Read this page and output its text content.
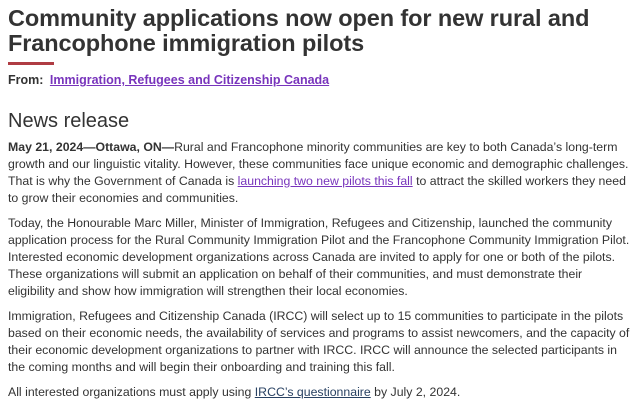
Community applications now open for new rural and Francophone immigration pilots
From: Immigration, Refugees and Citizenship Canada
News release

May 21, 2024—Ottawa, ON—Rural and Francophone minority communities are key to both Canada’s long-term growth and our linguistic vitality. However, these communities face unique economic and demographic challenges. That is why the Government of Canada is launching two new pilots this fall to attract the skilled workers they need to grow their economies and communities.

Today, the Honourable Marc Miller, Minister of Immigration, Refugees and Citizenship, launched the community application process for the Rural Community Immigration Pilot and the Francophone Community Immigration Pilot. Interested economic development organizations across Canada are invited to apply for one or both of the pilots. These organizations will submit an application on behalf of their communities, and must demonstrate their eligibility and show how immigration will strengthen their local economies.

Immigration, Refugees and Citizenship Canada (IRCC) will select up to 15 communities to participate in the pilots based on their economic needs, the availability of services and programs to assist newcomers, and the capacity of their economic development organizations to partner with IRCC. IRCC will announce the selected participants in the coming months and will begin their onboarding and training this fall.

All interested organizations must apply using IRCC’s questionnaire by July 2, 2024.
